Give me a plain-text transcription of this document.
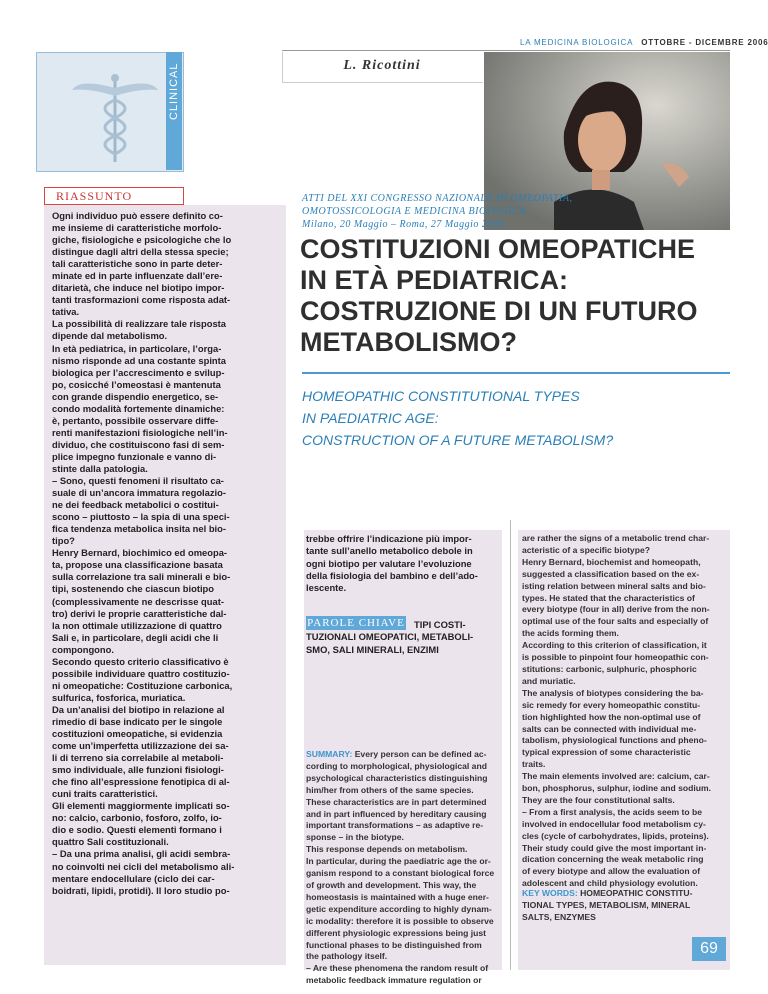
LA MEDICINA BIOLOGICA OTTOBRE - DICEMBRE 2006
L. Ricottini
CLINICAL
RIASSUNTO
Ogni individuo può essere definito co-
me insieme di caratteristiche morfolo-
giche, fisiologiche e psicologiche che lo
distingue dagli altri della stessa specie;
tali caratteristiche sono in parte deter-
minate ed in parte influenzate dall’ere-
ditarietà, che induce nel biotipo impor-
tanti trasformazioni come risposta adat-
tativa.
La possibilità di realizzare tale risposta
dipende dal metabolismo.
In età pediatrica, in particolare, l’orga-
nismo risponde ad una costante spinta
biologica per l’accrescimento e svilup-
po, cosicché l’omeostasi è mantenuta
con grande dispendio energetico, se-
condo modalità fortemente dinamiche:
è, pertanto, possibile osservare diffe-
renti manifestazioni fisiologiche nell’in-
dividuo, che costituiscono fasi di sem-
plice impegno funzionale e vanno di-
stinte dalla patologia.
– Sono, questi fenomeni il risultato ca-
suale di un’ancora immatura regolazio-
ne dei feedback metabolici o costitui-
scono – piuttosto – la spia di una speci-
fica tendenza metabolica insita nel bio-
tipo?
Henry Bernard, biochimico ed omeopa-
ta, propose una classificazione basata
sulla correlazione tra sali minerali e bio-
tipi, sostenendo che ciascun biotipo
(complessivamente ne descrisse quat-
tro) derivi le proprie caratteristiche dal-
la non ottimale utilizzazione di quattro
Sali e, in particolare, degli acidi che li
compongono.
Secondo questo criterio classificativo è
possibile individuare quattro costituzio-
ni omeopatiche: Costituzione carbonica,
sulfurica, fosforica, muriatica.
Da un’analisi del biotipo in relazione al
rimedio di base indicato per le singole
costituzioni omeopatiche, si evidenzia
come un’imperfetta utilizzazione dei sa-
li di terreno sia correlabile al metaboli-
smo individuale, alle funzioni fisiologi-
che fino all’espressione fenotipica di al-
cuni traits caratteristici.
Gli elementi maggiormente implicati so-
no: calcio, carbonio, fosforo, zolfo, io-
dio e sodio. Questi elementi formano i
quattro Sali costituzionali.
– Da una prima analisi, gli acidi sembra-
no coinvolti nei cicli del metabolismo ali-
mentare endocellulare (ciclo dei car-
boidrati, lipidi, protidi). Il loro studio po-
ATTI DEL XXI CONGRESSO NAZIONALE DI OMEOPATIA,
OMOTOSSICOLOGIA E MEDICINA BIOLOGICA
Milano, 20 Maggio – Roma, 27 Maggio 2006
COSTITUZIONI OMEOPATICHE
IN ETÀ PEDIATRICA:
COSTRUZIONE DI UN FUTURO
METABOLISMO?
HOMEOPATHIC CONSTITUTIONAL TYPES
IN PAEDIATRIC AGE:
CONSTRUCTION OF A FUTURE METABOLISM?
trebbe offrire l’indicazione più impor-
tante sull’anello metabolico debole in
ogni biotipo per valutare l’evoluzione
della fisiologia del bambino e dell’ado-
lescente.
PAROLE CHIAVE TIPI COSTI-
TUZIONALI OMEOPATICI, METABOLI-
SMO, SALI MINERALI, ENZIMI
SUMMARY: Every person can be defined ac-
cording to morphological, physiological and
psychological characteristics distinguishing
him/her from others of the same species.
These characteristics are in part determined
and in part influenced by hereditary causing
important transformations – as adaptive re-
sponse – in the biotype.
This response depends on metabolism.
In particular, during the paediatric age the or-
ganism respond to a constant biological force
of growth and development. This way, the
homeostasis is maintained with a huge ener-
getic expenditure according to highly dynam-
ic modality: therefore it is possible to observe
different physiologic expressions being just
functional phases to be distinguished from
the pathology itself.
– Are these phenomena the random result of
metabolic feedback immature regulation or
are rather the signs of a metabolic trend char-
acteristic of a specific biotype?
Henry Bernard, biochemist and homeopath,
suggested a classification based on the ex-
isting relation between mineral salts and bio-
types. He stated that the characteristics of
every biotype (four in all) derive from the non-
optimal use of the four salts and especially of
the acids forming them.
According to this criterion of classification, it
is possible to pinpoint four homeopathic con-
stitutions: carbonic, sulphuric, phosphoric
and muriatic.
The analysis of biotypes considering the ba-
sic remedy for every homeopathic constitu-
tion highlighted how the non-optimal use of
salts can be connected with individual me-
tabolism, physiological functions and pheno-
typical expression of some characteristic
traits.
The main elements involved are: calcium, car-
bon, phosphorus, sulphur, iodine and sodium.
They are the four constitutional salts.
– From a first analysis, the acids seem to be
involved in endocellular food metabolism cy-
cles (cycle of carbohydrates, lipids, proteins).
Their study could give the most important in-
dication concerning the weak metabolic ring
of every biotype and allow the evaluation of
adolescent and child physiology evolution.
KEY WORDS: HOMEOPATHIC CONSTITU-
TIONAL TYPES, METABOLISM, MINERAL
SALTS, ENZYMES
69
